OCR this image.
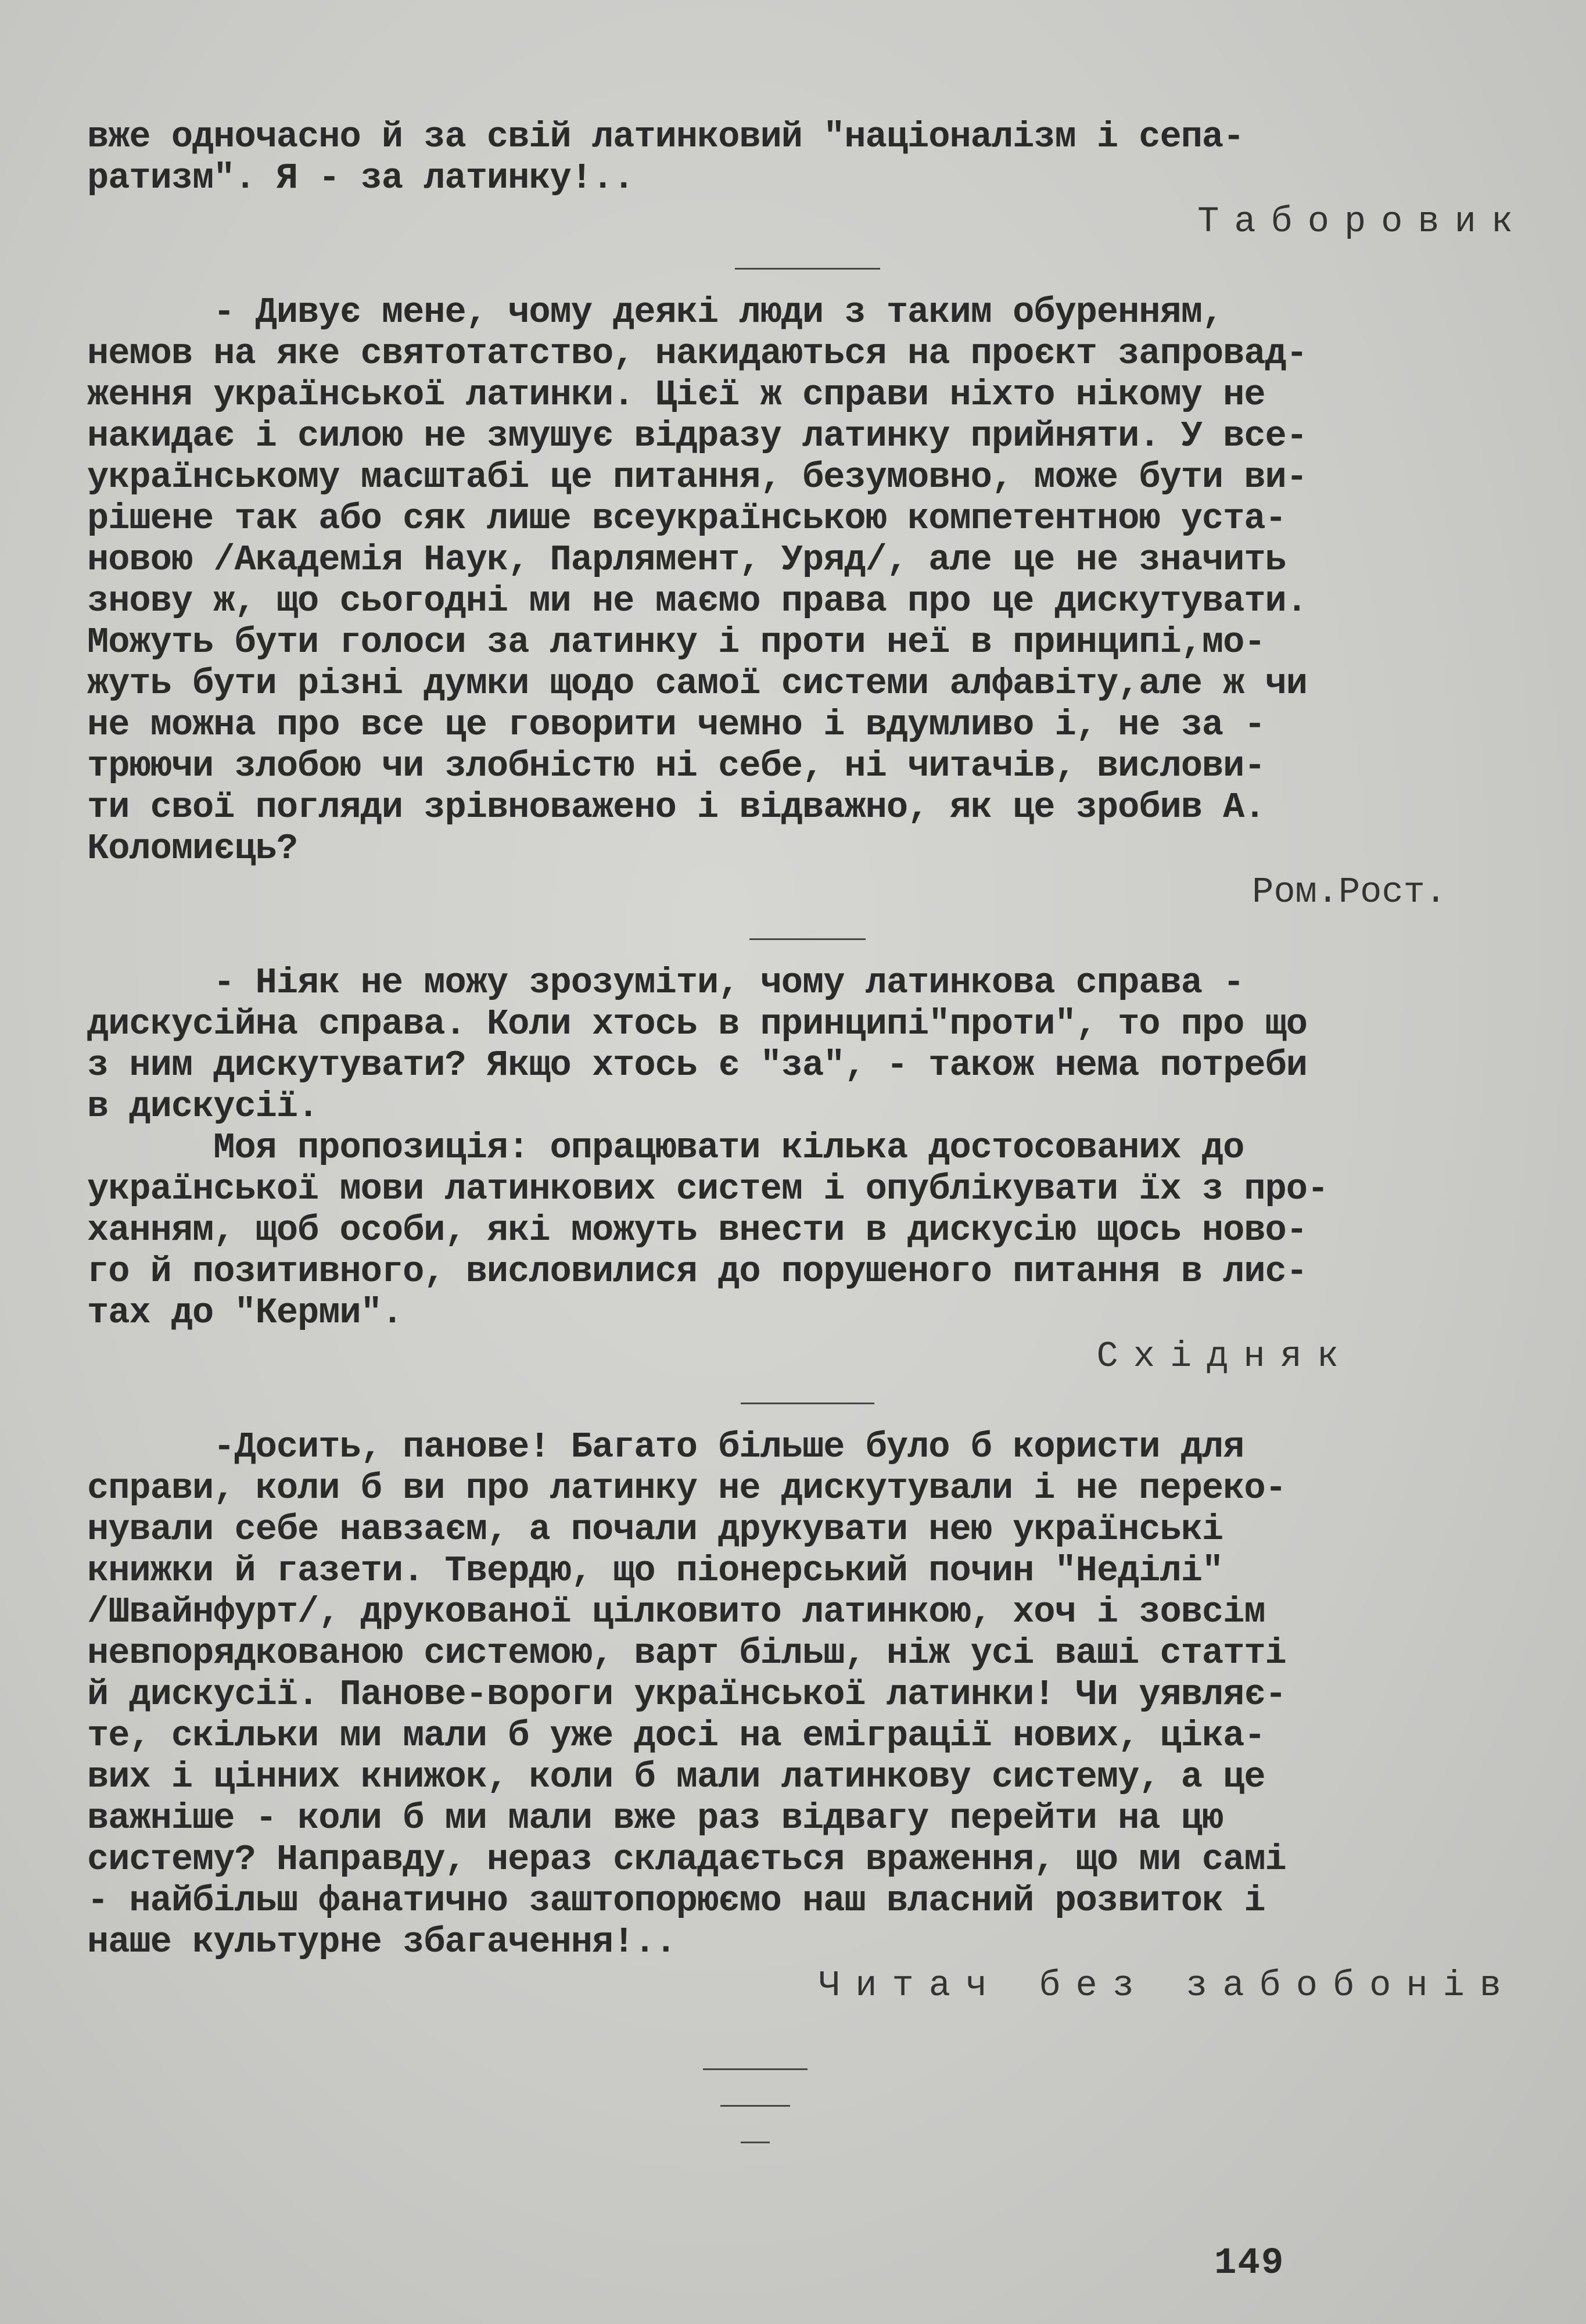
вже одночасно й за свій латинковий "націоналізм і сепа-
ратизм". Я - за латинку!..
Таборовик
- Дивує мене, чому деякі люди з таким обуренням,
немов на яке святотатство, накидаються на проєкт запровад-
ження української латинки. Цієї ж справи ніхто нікому не
накидає і силою не змушує відразу латинку прийняти. У все-
українському масштабі це питання, безумовно, може бути ви-
рішене так або сяк лише всеукраїнською компетентною уста-
новою /Академія Наук, Парлямент, Уряд/, але це не значить
знову ж, що сьогодні ми не маємо права про це дискутувати.
Можуть бути голоси за латинку і проти неї в принципі,мо-
жуть бути різні думки щодо самої системи алфавіту,але ж чи
не можна про все це говорити чемно і вдумливо і, не за -
трюючи злобою чи злобністю ні себе, ні читачів, вислови-
ти свої погляди зрівноважено і відважно, як це зробив А.
Коломиєць?
Ром.Рост.
- Ніяк не можу зрозуміти, чому латинкова справа -
дискусійна справа. Коли хтось в принципі"проти", то про що
з ним дискутувати? Якщо хтось є "за", - також нема потреби
в дискусії.
Моя пропозиція: опрацювати кілька достосованих до
української мови латинкових систем і опублікувати їх з про-
ханням, щоб особи, які можуть внести в дискусію щось ново-
го й позитивного, висловилися до порушеного питання в лис-
тах до "Керми".
Східняк
-Досить, панове! Багато більше було б користи для
справи, коли б ви про латинку не дискутували і не переко-
нували себе навзаєм, а почали друкувати нею українські
книжки й газети. Твердю, що піонерський почин "Неділі"
/Швайнфурт/, друкованої цілковито латинкою, хоч і зовсім
невпорядкованою системою, варт більш, ніж усі ваші статті
й дискусії. Панове-вороги української латинки! Чи уявляє-
те, скільки ми мали б уже досі на еміграції нових, цікa-
вих і цінних книжок, коли б мали латинкову систему, а це
важніше - коли б ми мали вже раз відвагу перейти на цю
систему? Направду, нераз складається враження, що ми самі
- найбільш фанатично заштопорюємо наш власний розвиток і
наше культурне збагачення!..
Читач без забобонів
149
